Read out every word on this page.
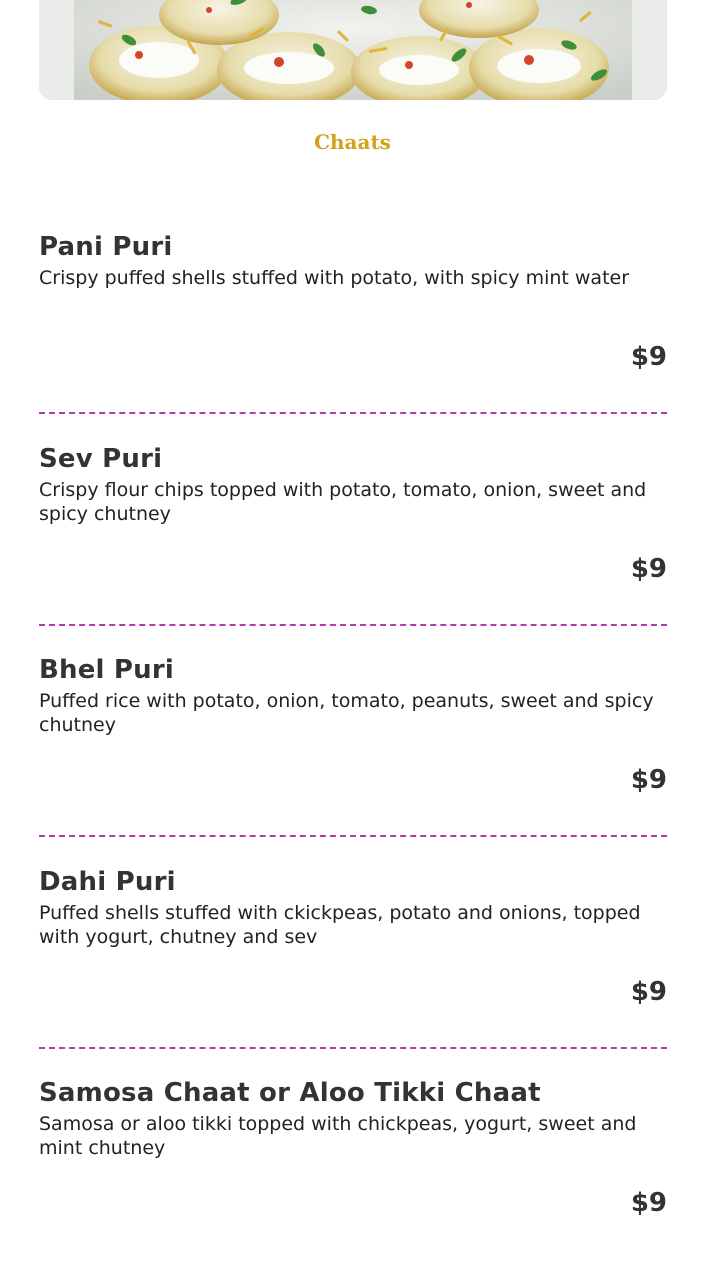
Chaats
Pani Puri

Crispy puffed shells stuffed with potato, with spicy mint water

$9
Sev Puri

Crispy flour chips topped with potato, tomato, onion, sweet and spicy chutney

$9
Bhel Puri

Puffed rice with potato, onion, tomato, peanuts, sweet and spicy chutney

$9
Dahi Puri

Puffed shells stuffed with ckickpeas, potato and onions, topped with yogurt, chutney and sev

$9
Samosa Chaat or Aloo Tikki Chaat

Samosa or aloo tikki topped with chickpeas, yogurt, sweet and mint chutney

$9
